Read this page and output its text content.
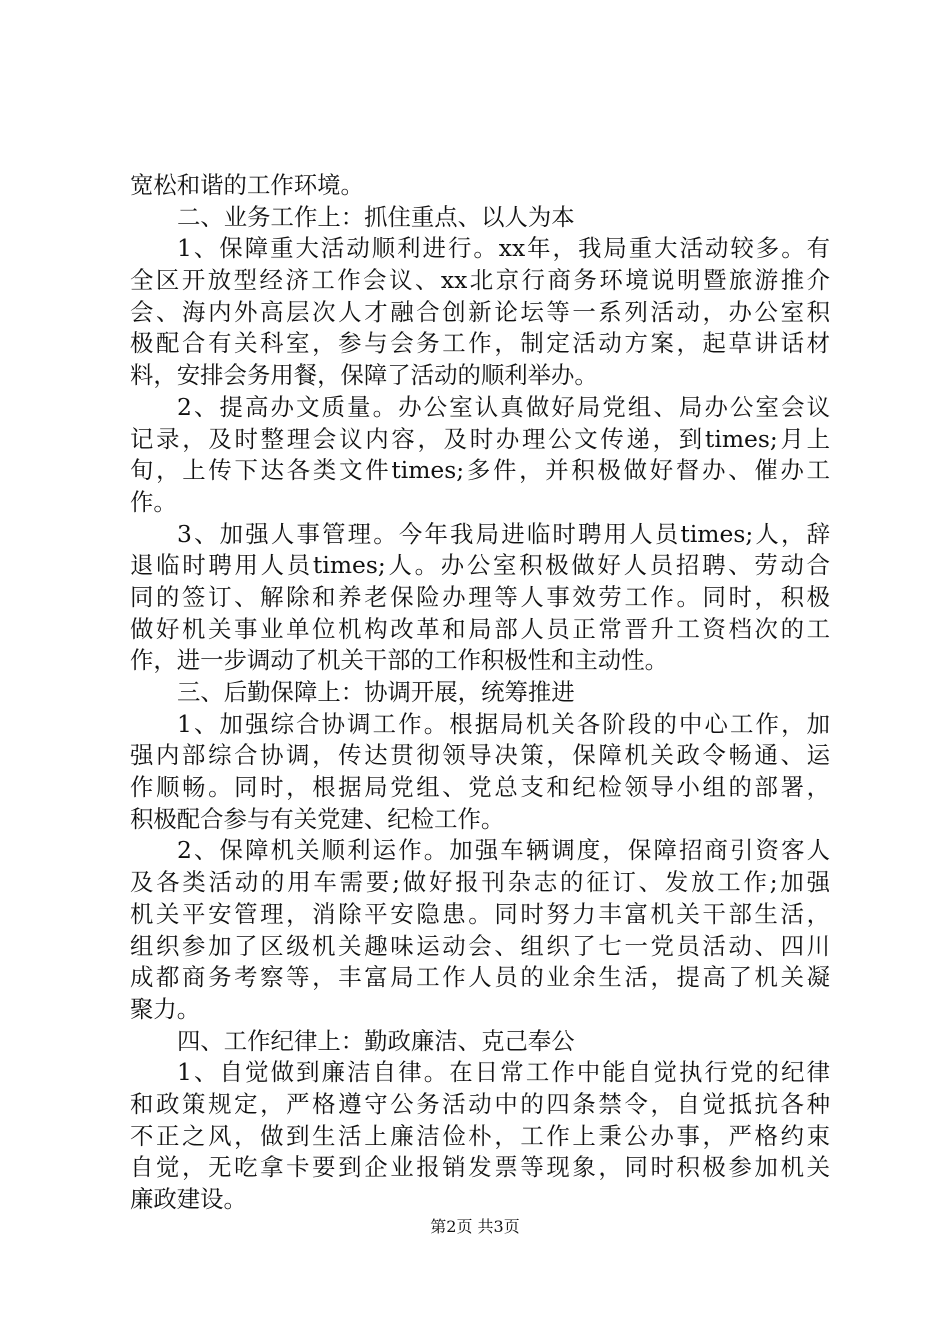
宽松和谐的工作环境。
二、业务工作上：抓住重点、以人为本
1、保障重大活动顺利进行。xx年，我局重大活动较多。有
全区开放型经济工作会议、xx北京行商务环境说明暨旅游推介
会、海内外高层次人才融合创新论坛等一系列活动，办公室积
极配合有关科室，参与会务工作，制定活动方案，起草讲话材
料，安排会务用餐，保障了活动的顺利举办。
2、提高办文质量。办公室认真做好局党组、局办公室会议
记录，及时整理会议内容，及时办理公文传递，到times;月上
旬，上传下达各类文件times;多件，并积极做好督办、催办工
作。
3、加强人事管理。今年我局进临时聘用人员times;人，辞
退临时聘用人员times;人。办公室积极做好人员招聘、劳动合
同的签订、解除和养老保险办理等人事效劳工作。同时，积极
做好机关事业单位机构改革和局部人员正常晋升工资档次的工
作，进一步调动了机关干部的工作积极性和主动性。
三、后勤保障上：协调开展，统筹推进
1、加强综合协调工作。根据局机关各阶段的中心工作，加
强内部综合协调，传达贯彻领导决策，保障机关政令畅通、运
作顺畅。同时，根据局党组、党总支和纪检领导小组的部署，
积极配合参与有关党建、纪检工作。
2、保障机关顺利运作。加强车辆调度，保障招商引资客人
及各类活动的用车需要;做好报刊杂志的征订、发放工作;加强
机关平安管理，消除平安隐患。同时努力丰富机关干部生活，
组织参加了区级机关趣味运动会、组织了七一党员活动、四川
成都商务考察等，丰富局工作人员的业余生活，提高了机关凝
聚力。
四、工作纪律上：勤政廉洁、克己奉公
1、自觉做到廉洁自律。在日常工作中能自觉执行党的纪律
和政策规定，严格遵守公务活动中的四条禁令，自觉抵抗各种
不正之风，做到生活上廉洁俭朴，工作上秉公办事，严格约束
自觉，无吃拿卡要到企业报销发票等现象，同时积极参加机关
廉政建设。
第2页 共3页
